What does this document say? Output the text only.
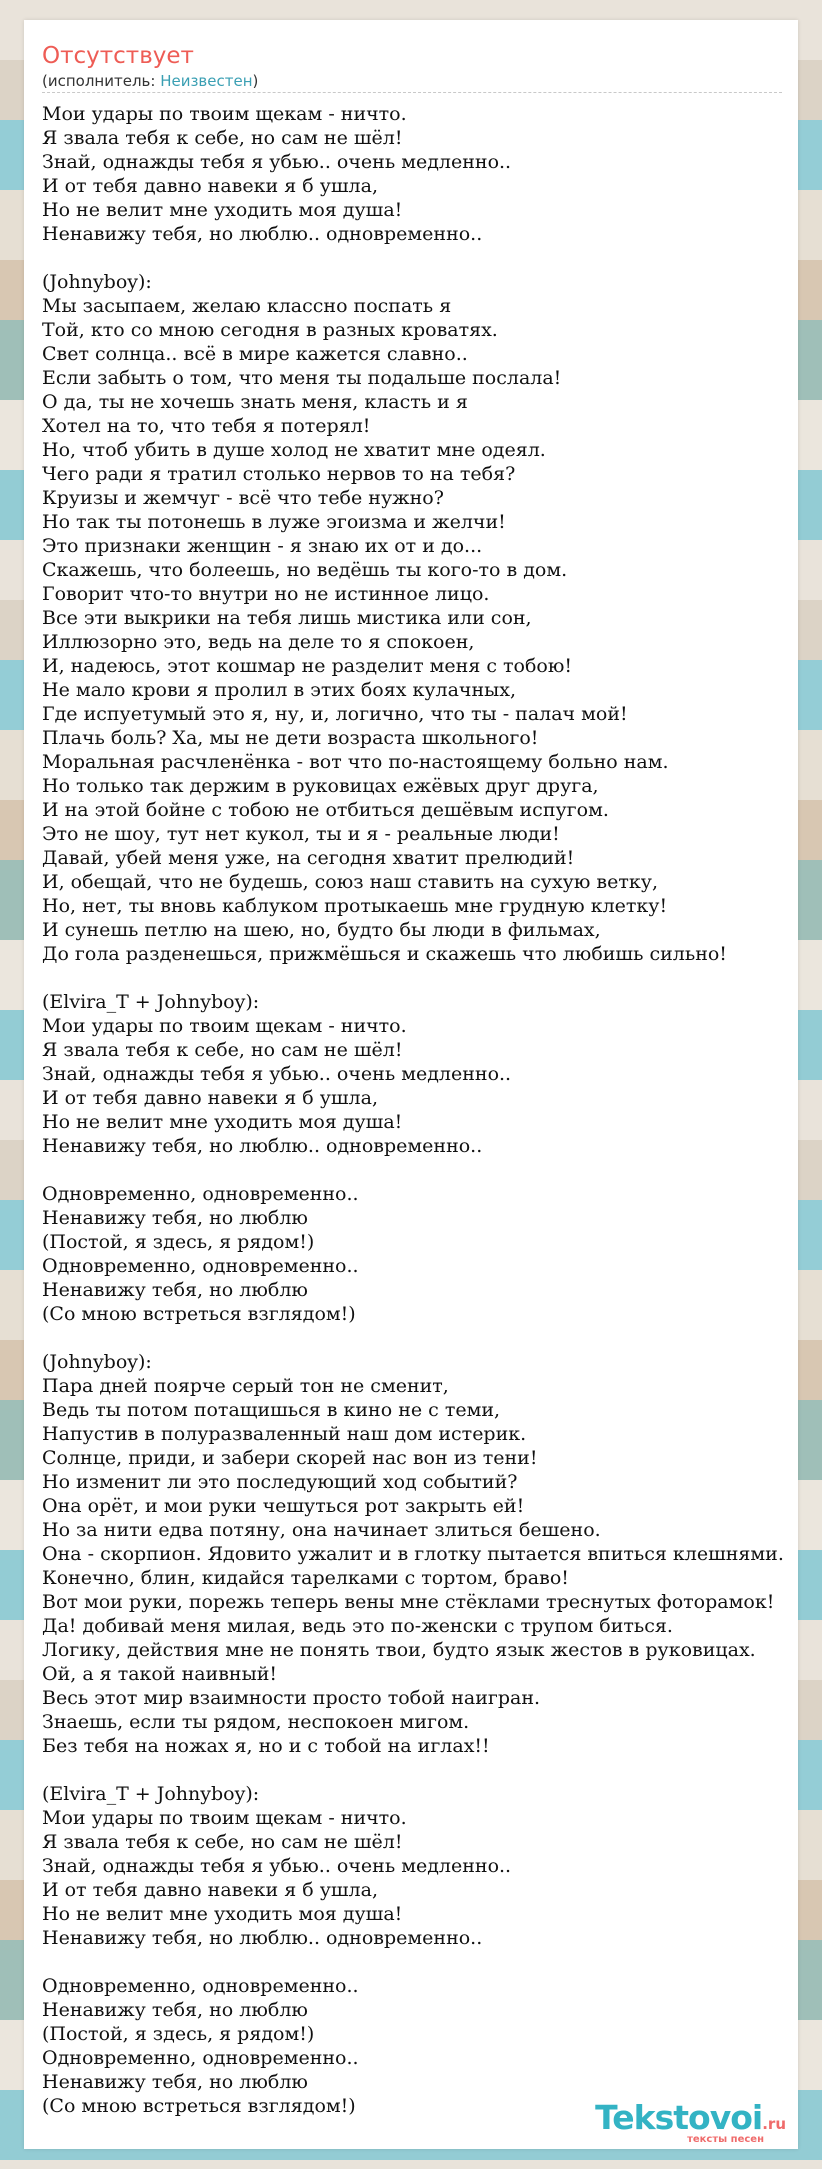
Отсутствует
(исполнитель: Неизвестен)
Мои удары по твоим щекам - ничто.
Я звала тебя к себе, но сам не шёл!
Знай, однажды тебя я убью.. очень медленно..
И от тебя давно навеки я б ушла,
Но не велит мне уходить моя душа!
Ненавижу тебя, но люблю.. одновременно..
(Johnyboy):
Мы засыпаем, желаю классно поспать я
Той, кто со мною сегодня в разных кроватях.
Свет солнца.. всё в мире кажется славно..
Если забыть о том, что меня ты подальше послала!
О да, ты не хочешь знать меня, класть и я
Хотел на то, что тебя я потерял!
Но, чтоб убить в душе холод не хватит мне одеял.
Чего ради я тратил столько нервов то на тебя?
Круизы и жемчуг - всё что тебе нужно?
Но так ты потонешь в луже эгоизма и желчи!
Это признаки женщин - я знаю их от и до...
Скажешь, что болеешь, но ведёшь ты кого-то в дом.
Говорит что-то внутри но не истинное лицо.
Все эти выкрики на тебя лишь мистика или сон,
Иллюзорно это, ведь на деле то я спокоен,
И, надеюсь, этот кошмар не разделит меня с тобою!
Не мало крови я пролил в этих боях кулачных,
Где испуетумый это я, ну, и, логично, что ты - палач мой!
Плачь боль? Ха, мы не дети возраста школьного!
Моральная расчленёнка - вот что по-настоящему больно нам.
Но только так держим в руковицах ежёвых друг друга,
И на этой бойне с тобою не отбиться дешёвым испугом.
Это не шоу, тут нет кукол, ты и я - реальные люди!
Давай, убей меня уже, на сегодня хватит прелюдий!
И, обещай, что не будешь, союз наш ставить на сухую ветку,
Но, нет, ты вновь каблуком протыкаешь мне грудную клетку!
И сунешь петлю на шею, но, будто бы люди в фильмах,
До гола разденешься, прижмёшься и скажешь что любишь сильно!
(Elvira_T + Johnyboy):
Мои удары по твоим щекам - ничто.
Я звала тебя к себе, но сам не шёл!
Знай, однажды тебя я убью.. очень медленно..
И от тебя давно навеки я б ушла,
Но не велит мне уходить моя душа!
Ненавижу тебя, но люблю.. одновременно..
Одновременно, одновременно..
Ненавижу тебя, но люблю
(Постой, я здесь, я рядом!)
Одновременно, одновременно..
Ненавижу тебя, но люблю
(Со мною встреться взглядом!)
(Johnyboy):
Пара дней поярче серый тон не сменит,
Ведь ты потом потащишься в кино не с теми,
Напустив в полуразваленный наш дом истерик.
Солнце, приди, и забери скорей нас вон из тени!
Но изменит ли это последующий ход событий?
Она орёт, и мои руки чешуться рот закрыть ей!
Но за нити едва потяну, она начинает злиться бешено.
Она - скорпион. Ядовито ужалит и в глотку пытается впиться клешнями.
Конечно, блин, кидайся тарелками с тортом, браво!
Вот мои руки, порежь теперь вены мне стёклами треснутых фоторамок!
Да! добивай меня милая, ведь это по-женски с трупом биться.
Логику, действия мне не понять твои, будто язык жестов в руковицах.
Ой, а я такой наивный!
Весь этот мир взаимности просто тобой наигран.
Знаешь, если ты рядом, неспокоен мигом.
Без тебя на ножах я, но и с тобой на иглах!!
(Elvira_T + Johnyboy):
Мои удары по твоим щекам - ничто.
Я звала тебя к себе, но сам не шёл!
Знай, однажды тебя я убью.. очень медленно..
И от тебя давно навеки я б ушла,
Но не велит мне уходить моя душа!
Ненавижу тебя, но люблю.. одновременно..
Одновременно, одновременно..
Ненавижу тебя, но люблю
(Постой, я здесь, я рядом!)
Одновременно, одновременно..
Ненавижу тебя, но люблю
(Со мною встреться взглядом!)	Tekstovoi.ru
тексты песен
